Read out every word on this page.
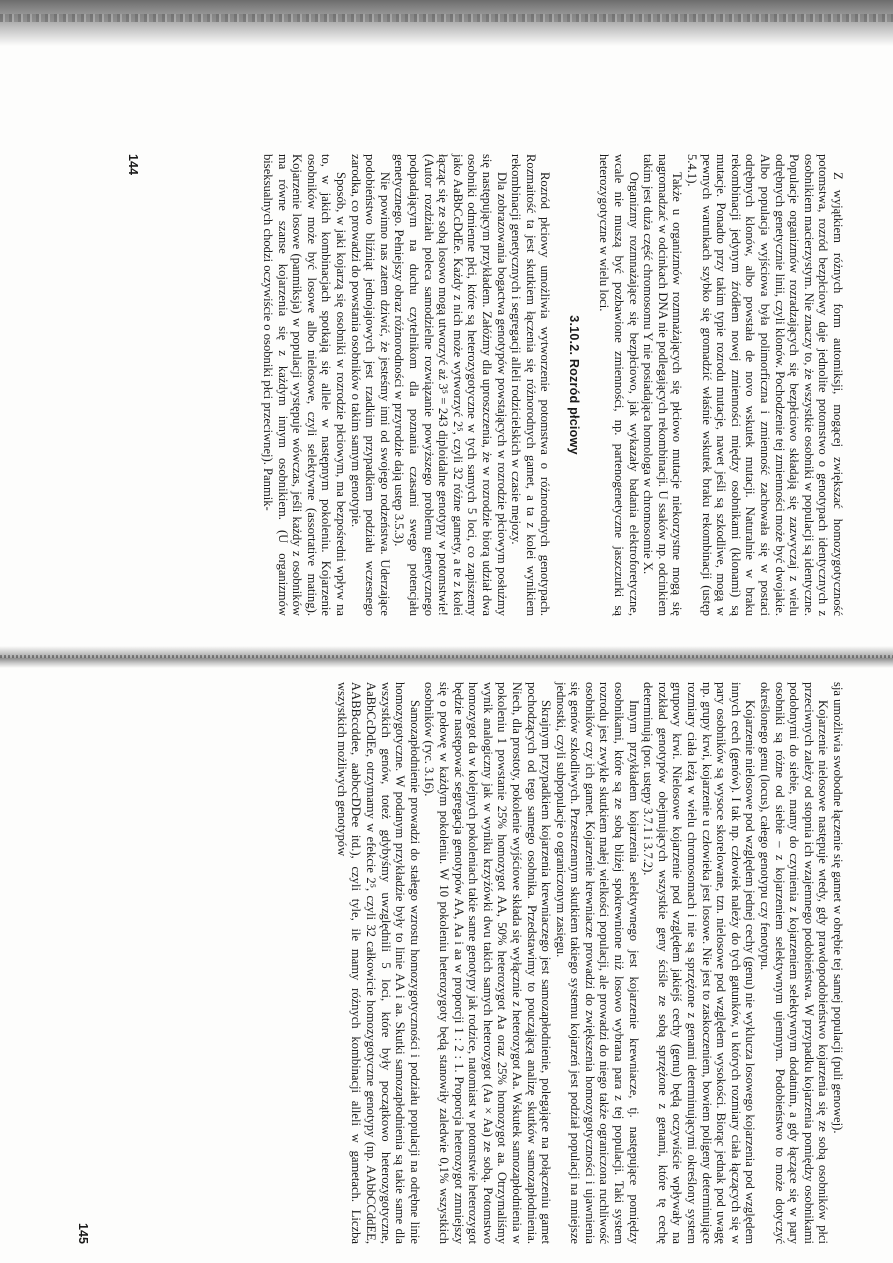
Z wyjątkiem różnych form automiksji, mogącej zwiększać homozygotyczność potomstwa, rozród bezpłciowy daje jednolite potomstwo o genotypach identycznych z osobnikiem macierzystym. Nie znaczy to, że wszystkie osobniki w populacji są identyczne. Populacje organizmów rozradzających się bezpłciowo składają się zazwyczaj z wielu odrębnych genetycznie linii, czyli klonów. Pochodzenie tej zmienności może być dwojakie. Albo populacja wyjściowa była polimorficzna i zmienność zachowała się w postaci odrębnych klonów, albo powstała de novo wskutek mutacji. Naturalnie w braku rekombinacji jedynym źródłem nowej zmienności między osobnikami (klonami) są mutacje. Ponadto przy takim typie rozrodu mutacje, nawet jeśli są szkodliwe, mogą w pewnych warunkach szybko się gromadzić właśnie wskutek braku rekombinacji (ustęp 5.4.1).

Także u organizmów rozmnażających się płciowo mutacje niekorzystne mogą się nagromadzać w odcinkach DNA nie podlegających rekombinacji. U ssaków np. odcinkiem takim jest duża część chromosomu Y nie posiadająca homologa w chromosomie X.

Organizmy rozmnażające się bezpłciowo, jak wykazały badania elektroforetyczne, wcale nie muszą być pozbawione zmienności, np. partenogenetyczne jaszczurki są heterozygotyczne w wielu loci.

3.10.2. Rozród płciowy

Rozród płciowy umożliwia wytworzenie potomstwa o różnorodnych genotypach. Rozmaitość ta jest skutkiem łączenia się różnorodnych gamet, a ta z kolei wynikiem rekombinacji genetycznych i segregacji alleli rodzicielskich w czasie mejozy.

Dla zobrazowania bogactwa genotypów powstających w rozrodzie płciowym posłużmy się następującym przykładem. Załóżmy dla uproszczenia, że w rozrodzie biorą udział dwa osobniki odmienne płci, które są heterozygotyczne w tych samych 5 loci, co zapiszemy jako AaBbCcDdEe. Każdy z nich może wytworzyć 2⁵, czyli 32 różne gamety, a te z kolei łącząc się ze sobą losowo mogą utworzyć aż 3⁵ = 243 diploidalne genotypy w potomstwie! (Autor rozdziału poleca samodzielne rozwiązanie powyższego problemu genetycznego podpadającym na duchu czytelnikom dla poznania czasami swego potencjału genetycznego. Pełniejszy obraz różnorodności w przyrodzie dają ustęp 3.5.3).

Nie powinno nas zatem dziwić, że jesteśmy inni od swojego rodzeństwa. Uderzające podobieństwo bliźniąt jednojajowych jest rzadkim przypadkiem podziału wczesnego zarodka, co prowadzi do powstania osobników o takim samym genotypie.

Sposób, w jaki kojarzą się osobniki w rozrodzie płciowym, ma bezpośredni wpływ na to, w jakich kombinacjach spotkają się allele w następnym pokoleniu. Kojarzenie osobników może być losowe albo nielosowe, czyli selektywne (assortative mating). Kojarzenie losowe (panmiksja) w populacji występuje wówczas, jeśli każdy z osobników ma równe szanse kojarzenia się z każdym innym osobnikiem. (U organizmów biseksualnych chodzi oczywiście o osobniki płci przeciwnej). Panmik-

144

sja umożliwia swobodne łączenie się gamet w obrębie tej samej populacji (puli genowej).

Kojarzenie nielosowe następuje wtedy, gdy prawdopodobieństwo kojarzenia się ze sobą osobników płci przeciwnych zależy od stopnia ich wzajemnego podobieństwa. W przypadku kojarzenia pomiędzy osobnikami podobnymi do siebie, mamy do czynienia z kojarzeniem selektywnym dodatnim, a gdy łączące się w pary osobniki są różne od siebie – z kojarzeniem selektywnym ujemnym. Podobieństwo to może dotyczyć określonego genu (locus), całego genotypu czy fenotypu.

Kojarzenie nielosowe pod względem jednej cechy (genu) nie wyklucza losowego kojarzenia pod względem innych cech (genów). I tak np. człowiek należy do tych gatunków, u których rozmiary ciała łączących się w pary osobników są wysoce skorelowane, tzn. nielosowe pod względem wysokości. Biorąc jednak pod uwagę np. grupy krwi, kojarzenie u człowieka jest losowe. Nie jest to zaskoczeniem, bowiem poligeny determinujące rozmiary ciała leżą w wielu chromosomach i nie są sprzężone z genami determinującymi określony system grupowy krwi. Nielosowe kojarzenie pod względem jakiejś cechy (genu) będą oczywiście wpływały na rozkład genotypów obejmujących wszystkie geny ściśle ze sobą sprzężone z genami, które tę cechę determinują (por. ustępy 3.7.1 i 3.7.2).

Innym przykładem kojarzenia selektywnego jest kojarzenie krewniacze, tj. następujące pomiędzy osobnikami, które są ze sobą bliżej spokrewnione niż losowo wybrana para z tej populacji. Taki system rozrodu jest zwykle skutkiem małej wielkości populacji, ale prowadzi do niego także ograniczona ruchliwość osobników czy ich gamet. Kojarzenie krewniacze prowadzi do zwiększenia homozygotyczności i ujawnienia się genów szkodliwych. Przestrzennym skutkiem takiego systemu kojarzeń jest podział populacji na mniejsze jednostki, czyli subpopulacje o ograniczonym zasięgu.

Skrajnym przypadkiem kojarzenia krewniaczego jest samozapłodnienie, polegające na połączeniu gamet pochodzących od tego samego osobnika. Przedstawimy to poucząjącą analizę skutków samozapłodnienia. Niech, dla prostoty, pokolenie wyjściowe składa się wyłącznie z heterozygot Aa. Wskutek samozapłodnienia w pokoleniu 1 powstanie 25% homozygot AA, 50% heterozygot Aa oraz 25% homozygot aa. Otrzymaliśmy wynik analogiczny jak w wyniku krzyżówki dwu takich samych heterozygot (Aa × Aa) ze sobą. Potomstwo homozygot da w kolejnych pokoleniach takie same genotypy jak rodzice, natomiast w potomstwie heterozygot będzie następować segregacja genotypów AA, Aa i aa w proporcji 1 : 2 : 1. Proporcja heterozygot zmniejszy się o połowę w każdym pokoleniu. W 10 pokoleniu heterozygoty będą stanowiły zaledwie 0,1% wszystkich osobników (ryc. 3.16).

Samozapłodnienie prowadzi do stałego wzrostu homozygotyczności i podziału populacji na odrębne linie homozygotyczne. W podanym przykładzie były to linie AA i aa. Skutki samozapłodnienia są takie same dla wszystkich genów, toteż gdybyśmy uwzględnili 5 loci, które były początkowo heterozygotyczne, AaBbCcDdEe, otrzymamy w efekcie 2⁵, czyli 32 całkowicie homozygotyczne genotypy (np. AAbbCCddEE, AABBccddee, aabbccDDee itd.), czyli tyle, ile mamy różnych kombinacji alleli w gametach. Liczba wszystkich możliwych genotypów

145
